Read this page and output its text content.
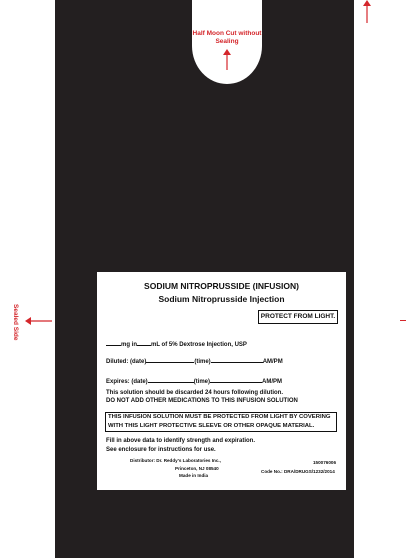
Half Moon Cut without Sealing
Sealed Side
SODIUM NITROPRUSSIDE (INFUSION)
Sodium Nitroprusside Injection
PROTECT FROM LIGHT.
mg in mL of 5% Dextrose Injection, USP
Diluted: (date)	(time)	AM/PM
Expires: (date)	(time)	AM/PM
This solution should be discarded 24 hours following dilution.
DO NOT ADD OTHER MEDICATIONS TO THIS INFUSION SOLUTION
THIS INFUSION SOLUTION MUST BE PROTECTED FROM LIGHT BY COVERING
WITH THIS LIGHT PROTECTIVE SLEEVE OR OTHER OPAQUE MATERIAL.
Fill in above data to identify strength and expiration.
See enclosure for instructions for use.
Distributor: Dr. Reddy's Laboratories Inc.,
Princeton, NJ 08540
Made in India
150076006
Code No.: DRA/DRUGS/1232/2014
